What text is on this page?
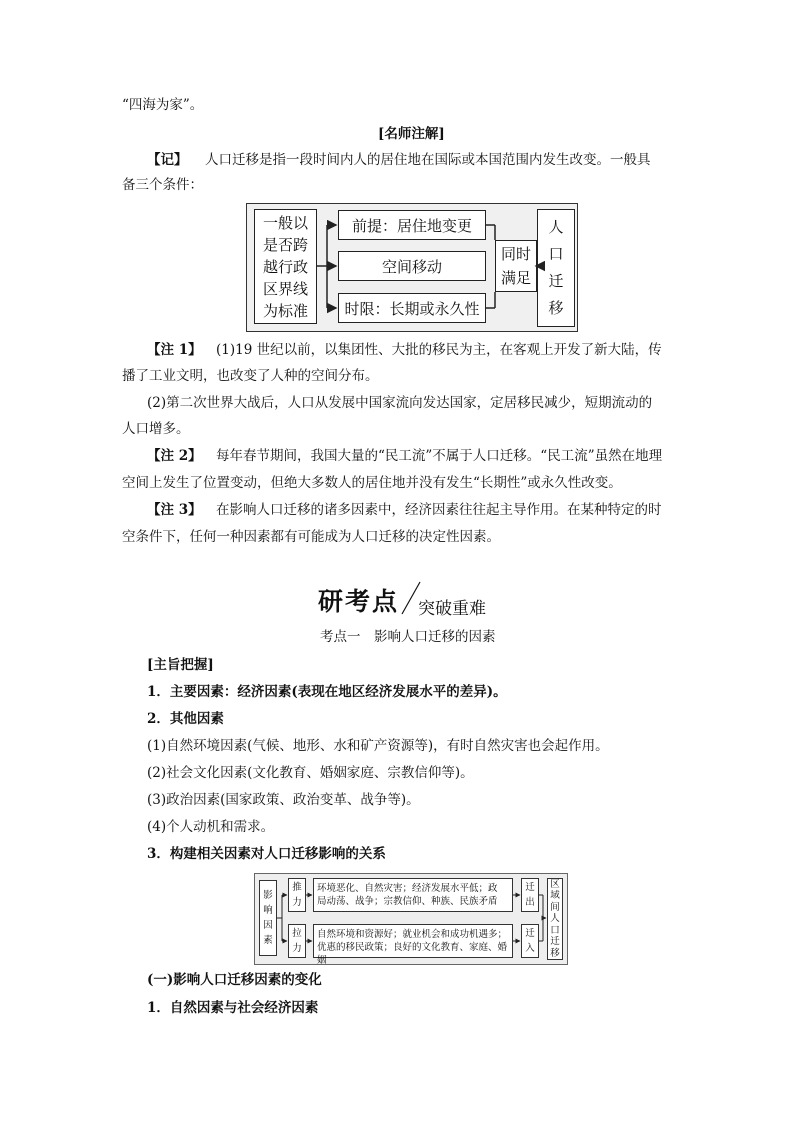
“四海为家”。
[名师注解]
【记】 人口迁移是指一段时间内人的居住地在国际或本国范围内发生改变。一般具
备三个条件：
一般以
是否跨
越行政
区界线
为标准
前提：居住地变更
空间移动
时限：长期或永久性
同时
满足
人
口
迁
移
【注 1】 (1)19 世纪以前，以集团性、大批的移民为主，在客观上开发了新大陆，传
播了工业文明，也改变了人种的空间分布。
(2)第二次世界大战后，人口从发展中国家流向发达国家，定居移民减少，短期流动的
人口增多。
【注 2】 每年春节期间，我国大量的“民工流”不属于人口迁移。“民工流”虽然在地理
空间上发生了位置变动，但绝大多数人的居住地并没有发生“长期性”或永久性改变。
【注 3】 在影响人口迁移的诸多因素中，经济因素往往起主导作用。在某种特定的时
空条件下，任何一种因素都有可能成为人口迁移的决定性因素。
研考点 突破重难
考点一　影响人口迁移的因素
[主旨把握]
1．主要因素：经济因素(表现在地区经济发展水平的差异)。
2．其他因素
(1)自然环境因素(气候、地形、水和矿产资源等)，有时自然灾害也会起作用。
(2)社会文化因素(文化教育、婚姻家庭、宗教信仰等)。
(3)政治因素(国家政策、政治变革、战争等)。
(4)个人动机和需求。
3．构建相关因素对人口迁移影响的关系
影
响
因
素
推
力
拉
力
环境恶化、自然灾害；经济发展水平低；政
局动荡、战争；宗教信仰、种族、民族矛盾
自然环境和资源好；就业机会和成功机遇多；
优惠的移民政策；良好的文化教育、家庭、婚姻
迁
出
迁
入
区
域
间
人
口
迁
移
(一)影响人口迁移因素的变化
1．自然因素与社会经济因素
